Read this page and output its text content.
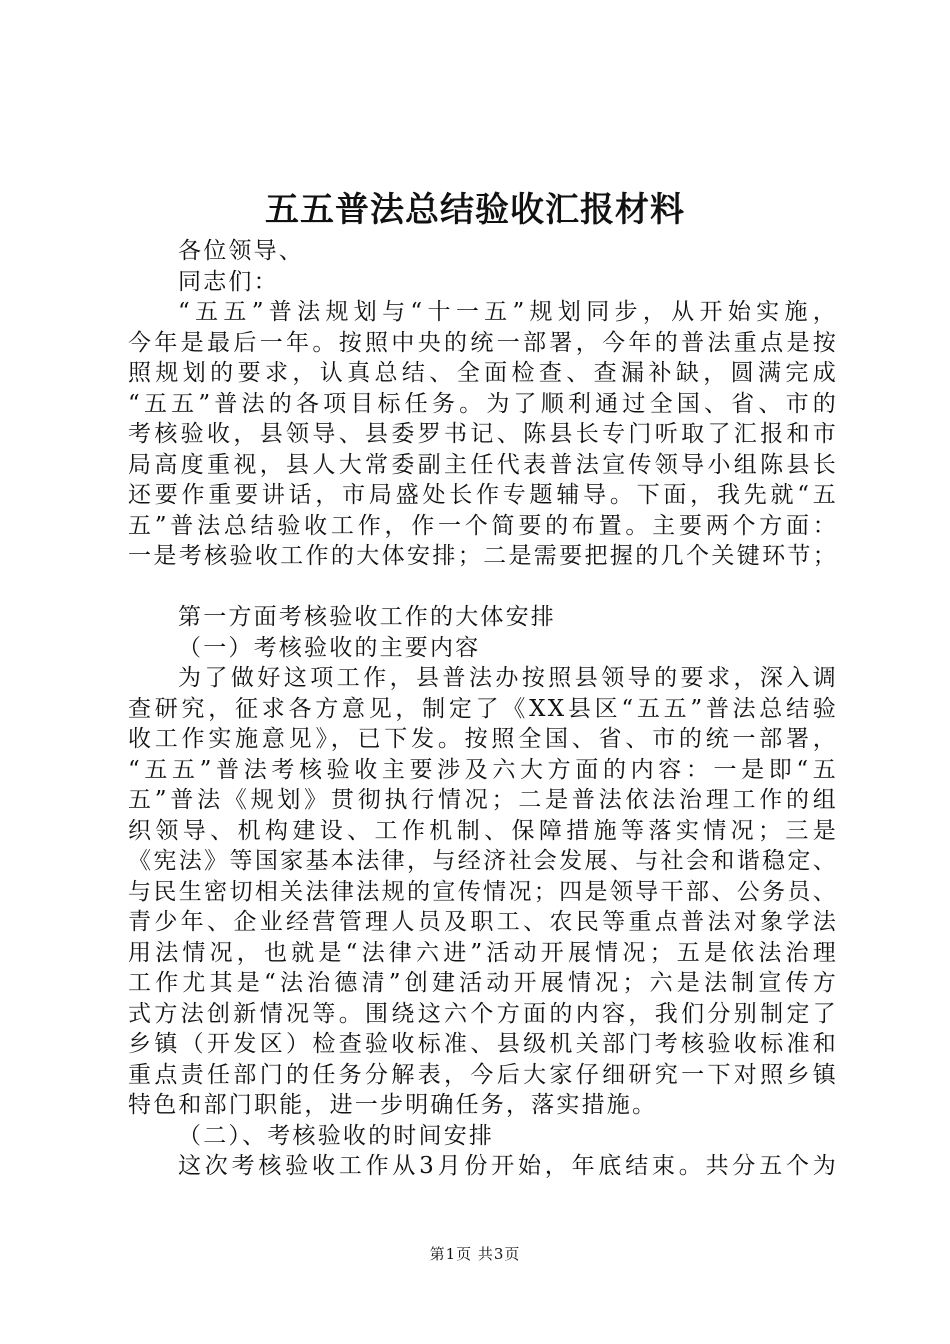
五五普法总结验收汇报材料
各位领导、
同志们：
“五五”普法规划与“十一五”规划同步，从开始实施，
今年是最后一年。按照中央的统一部署，今年的普法重点是按
照规划的要求，认真总结、全面检查、查漏补缺，圆满完成
“五五”普法的各项目标任务。为了顺利通过全国、省、市的
考核验收，县领导、县委罗书记、陈县长专门听取了汇报和市
局高度重视，县人大常委副主任代表普法宣传领导小组陈县长
还要作重要讲话，市局盛处长作专题辅导。下面，我先就“五
五”普法总结验收工作，作一个简要的布置。主要两个方面：
一是考核验收工作的大体安排；二是需要把握的几个关键环节；
第一方面考核验收工作的大体安排
（一）考核验收的主要内容
为了做好这项工作，县普法办按照县领导的要求，深入调
查研究，征求各方意见，制定了《XX县区“五五”普法总结验
收工作实施意见》，已下发。按照全国、省、市的统一部署，
“五五”普法考核验收主要涉及六大方面的内容：一是即“五
五”普法《规划》贯彻执行情况；二是普法依法治理工作的组
织领导、机构建设、工作机制、保障措施等落实情况；三是
《宪法》等国家基本法律，与经济社会发展、与社会和谐稳定、
与民生密切相关法律法规的宣传情况；四是领导干部、公务员、
青少年、企业经营管理人员及职工、农民等重点普法对象学法
用法情况，也就是“法律六进”活动开展情况；五是依法治理
工作尤其是“法治德清”创建活动开展情况；六是法制宣传方
式方法创新情况等。围绕这六个方面的内容，我们分别制定了
乡镇（开发区）检查验收标准、县级机关部门考核验收标准和
重点责任部门的任务分解表，今后大家仔细研究一下对照乡镇
特色和部门职能，进一步明确任务，落实措施。
（二）、考核验收的时间安排
这次考核验收工作从3月份开始，年底结束。共分五个为
第1页 共3页
